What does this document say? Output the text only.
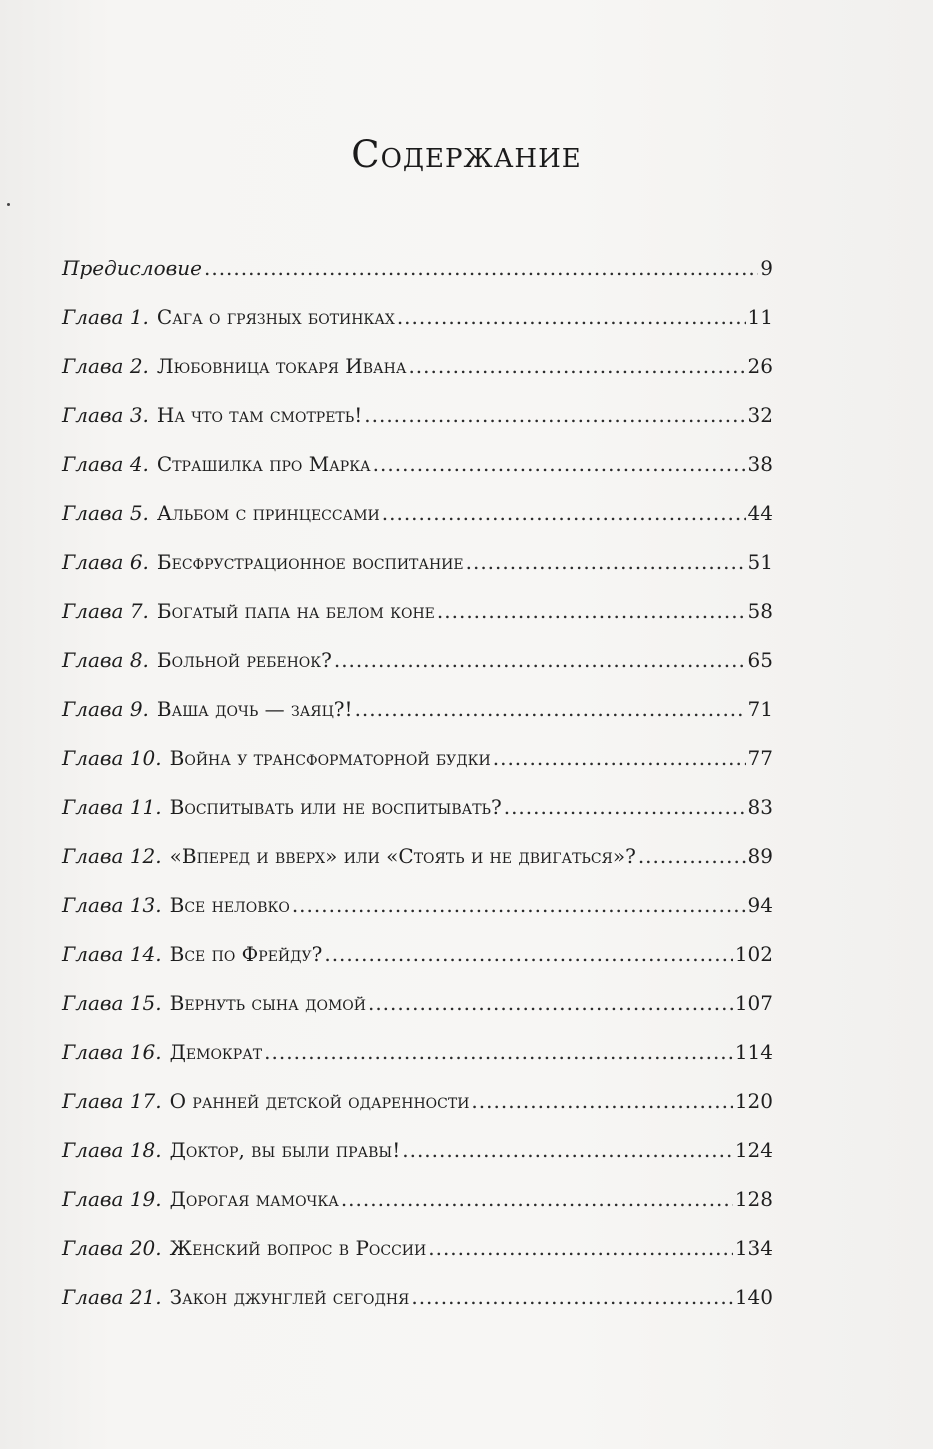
Содержание
Предисловие .....	9
Глава 1. Сага о грязных ботинках .....	11
Глава 2. Любовница токаря Ивана .....	26
Глава 3. На что там смотреть! .....	32
Глава 4. Страшилка про Марка .....	38
Глава 5. Альбом с принцессами .....	44
Глава 6. Бесфрустрационное воспитание .....	51
Глава 7. Богатый папа на белом коне .....	58
Глава 8. Больной ребенок? .....	65
Глава 9. Ваша дочь — заяц?! .....	71
Глава 10. Война у трансформаторной будки .....	77
Глава 11. Воспитывать или не воспитывать? .....	83
Глава 12. «Вперед и вверх» или «Стоять и не двигаться»? .....	89
Глава 13. Все неловко .....	94
Глава 14. Все по Фрейду? .....	102
Глава 15. Вернуть сына домой .....	107
Глава 16. Демократ .....	114
Глава 17. О ранней детской одаренности .....	120
Глава 18. Доктор, вы были правы! .....	124
Глава 19. Дорогая мамочка .....	128
Глава 20. Женский вопрос в России .....	134
Глава 21. Закон джунглей сегодня .....	140
